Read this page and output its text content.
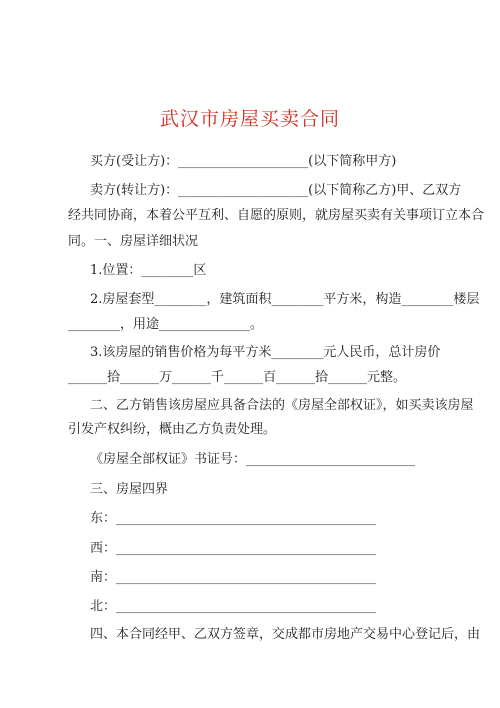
武汉市房屋买卖合同
买方(受让方)：____________________(以下简称甲方)
卖方(转让方)：____________________(以下简称乙方)甲、乙双方
经共同协商，本着公平互利、自愿的原则，就房屋买卖有关事项订立本合
同。一、房屋详细状况
1.位置：________区
2.房屋套型________，建筑面积________平方米，构造________楼层
________，用途______________。
3.该房屋的销售价格为每平方米________元人民币，总计房价
______拾______万______千______百______拾______元整。
二、乙方销售该房屋应具备合法的《房屋全部权证》，如买卖该房屋
引发产权纠纷，概由乙方负责处理。
《房屋全部权证》书证号：__________________________
三、房屋四界
东：________________________________________
西：________________________________________
南：________________________________________
北：________________________________________
四、本合同经甲、乙双方签章，交成都市房地产交易中心登记后，由
